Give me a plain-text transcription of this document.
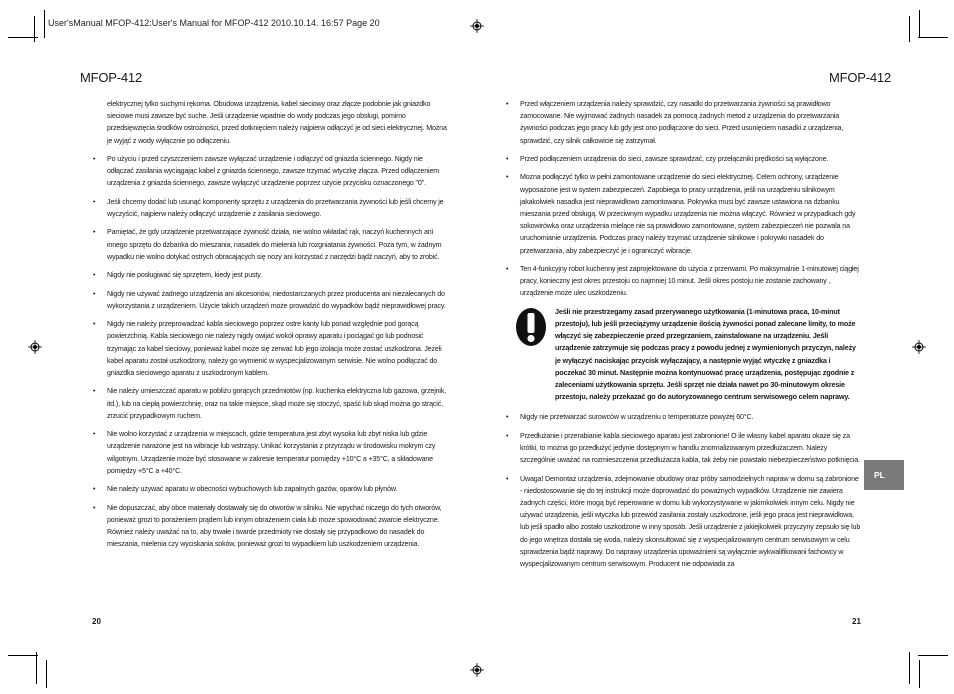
User'sManual MFOP-412:User's Manual for MFOP-412 2010.10.14. 16:57 Page 20
MFOP-412	MFOP-412

elektrycznej tylko suchymi rękoma. Obudowa urządzenia, kabel sieciowy oraz złącze podobnie jak gniazdko sieciowe musi zawsze być suche. Jeśli urządzenie wpadnie do wody podczas jego obsługi, pomimo przedsięwzięcia środków ostrożności, przed dotknięciem należy najpierw odłączyć je od sieci elektrycznej. Można je wyjąć z wody wyłącznie po odłączeniu.

• Po użyciu i przed czyszczeniem zawsze wyłączać urządzenie i odłączyć od gniazda ściennego. Nigdy nie odłączać zasilania wyciągając kabel z gniazda ściennego, zawsze trzymać wtyczkę złącza. Przed odłączeniem urządzenia z gniazda ściennego, zawsze wyłączyć urządzenie poprzez użycie przycisku oznaczonego "0".
• Jeśli chcemy dodać lub usunąć komponenty sprzętu z urządzenia do przetwarzania żywności lub jeśli chcemy je wyczyścić, najpierw należy odłączyć urządzenie z zasilania sieciowego.
• Pamiętać, że gdy urządzenie przetwarzające żywność działa, nie wolno wkładać rąk, naczyń kuchennych ani innego sprzętu do dzbanka do mieszania, nasadek do mielenia lub rozgniatania żywności. Poza tym, w żadnym wypadku nie wolno dotykać ostrych obracających się nozy ani korzystać z narzędzi bądź naczyń, aby to zrobić.
• Nigdy nie posługiwać się sprzętem, kiedy jest pusty.
• Nigdy nie używać żadnego urządzenia ani akcesoriów, niedostarczanych przez producenta ani niezalecanych do wykorzystania z urządzeniem. Użycie takich urządzeń może prowadzić do wypadków bądź nieprawidłowej pracy.
• Nigdy nie należy przeprowadzać kabla sieciowego poprzez ostre kanty lub ponad względnie pod gorącą powierzchnią. Kabla sieciowego nie należy nigdy owijać wokół oprawy aparatu i pociągać go lub podnosić trzymając za kabel sieciowy, ponieważ kabel może się zerwać lub jego izolacja może zostać uszkodzona. Jeżeli kabel aparatu został uszkodzony, należy go wymienić w wyspecjalizowanym serwisie. Nie wolno podłączać do gniazdka sieciowego aparatu z uszkodzonym kablem.
• Nie należy umieszczać aparatu w pobliżu gorących przedmiotów (np. kuchenka elektryczna lub gazowa, grzejnik, itd.), lub na ciepłą powierzchnię, oraz na takie miejsce, skąd może się stoczyć, spaść lub skąd można go strącić, zrzucić przypadkowym ruchem.
• Nie wolno korzystać z urządzenia w miejscach, gdzie temperatura jest zbyt wysoka lub zbyt niska lub gdzie urządzenie narażone jest na wibracje lub wstrząsy. Unikać korzystania z przyrządu w środowisku mokrym czy wilgotnym. Urządzenie może być stosowane w zakresie temperatur pomiędzy +10°C a +35°C, a składowane pomiędzy +5°C a +40°C.
• Nie należy używać aparatu w obecności wybuchowych lub zapalnych gazów, oparów lub płynów.
• Nie dopuszczać, aby obce materiały dostawały się do otworów w silniku. Nie wpychać niczego do tych otworów, ponieważ grozi to porażeniem prądem lub innym obrażeniem ciała lub może spowodować zwarcie elektryczne. Również należy uważać na to, aby trwałe i twarde przedmioty nie dostały się przypadkowo do nasadek do mieszania, mielenia czy wyciskania soków, ponieważ grozi to wypadkiem lub uszkodzeniem urządzenia.
• Przed włączeniem urządzenia należy sprawdzić, czy nasadki do przetwarzania żywności są prawidłowo zamocowane. Nie wyjmować żadnych nasadek za pomocą żadnych metod z urządzenia do przetwarzania żywności podczas jego pracy lub gdy jest ono podłączone do sieci. Przed usunięciem nasadki z urządzenia, sprawdzić, czy silnik całkowicie się zatrzymał.
• Przed podłączeniem urządzenia do sieci, zawsze sprawdzać, czy przełączniki prędkości są wyłączone.
• Mozna podłączyć tylko w pełni zamontowane urządzenie do sieci elektrycznej. Celem ochrony, urządzenie wyposażone jest w system zabezpieczeń. Zapobiega to pracy urządzenia, jeśli na urządzeniu silnikowym jakakolwiek nasadka jest nieprawidłowo zamontowana. Pokrywka musi być zawsze ustawiona na dzbanku mieszania przed obsługą. W przeciwnym wypadku urządzenia nie można włączyć. Również w przypadkach gdy sokowirówka oraz urządzenia mielące nie są prawidłowo zamontowane, system zabezpieczeń nie pozwala na uruchomianie urządzenia. Podczas pracy należy trzymać urządzenie silnikowe i pokrywki nasadek do przetwarzania, aby zabezpieczyć je i ograniczyć wibracje.
• Ten 4-funkcyjny robot kuchenny jest zaprojektowane do użycia z przerwami. Po maksymalnie 1-minutowej ciągłej pracy, konieczny jest okres przestoju co najmniej 10 minut. Jeśli okres postoju nie zostanie zachowany , urządzenie może ulec uszkodzeniu.
Jeśli nie przestrzegamy zasad przerywanego użytkowania (1-minutowa praca, 10-minut przestoju), lub jeśli przeciążymy urządzenie ilością żywności ponad zalecane limity, to może włączyć się zabezpieczenie przed przegrzaniem, zainstalowane na urządzeniu. Jeśli urządzenie zatrzymuje się podczas pracy z powodu jednej z wymienionych przyczyn, należy je wyłączyć naciskając przycisk wyłączający, a następnie wyjąć wtyczkę z gniazdka i poczekać 30 minut. Następnie można kontynuować pracę urządzenia, postępując zgodnie z zaleceniami użytkowania sprzętu. Jeśli sprzęt nie działa nawet po 30-minutowym okresie przestoju, należy przekazać go do autoryzowanego centrum serwisowego celem naprawy.
• Nigdy nie przetwarzać surowców w urządzeniu o temperaturze powyżej 60°C.
• Przedłużanie i przerabianie kabla sieciowego aparatu jest zabronione! O ile własny kabel aparatu okaże się za krótki, to można go przedłużyć jedynie dostępnym w handlu znormalizowanym przedłużaczem. Należy szczególnie uważać na rozmieszczenia przedłużacza kabla, tak żeby nie powstało niebezpieczeństwo potknięcia.
• Uwaga! Demontaż urządzenia, zdejmowanie obudowy oraz próby samodzielnych napraw w domu są zabronione - niedostosowanie się do tej instrukcji może doprowadzić do poważnych wypadków. Urządzenie nie zawiera żadnych części, które mogą być reperowane w domu lub wykorzystywane w jakimkolwiek innym celu. Nigdy nie używać urządzenia, jeśli wtyczka lub przewód zasilania zostały uszkodzone, jeśli jego praca jest nieprawidłowa, lub jeśli spadło albo zostało uszkodzone w inny sposób. Jeśli urządzenie z jakiejkolwiek przyczyny zepsuło się lub do jego wnętrza dostała się woda, należy skonsultować się z wyspecjalizowanym centrum serwisowym w celu sprawdzenia bądź naprawy. Do naprawy urządzenia upoważnieni są wyłącznie wykwalifikowani fachowcy w wyspecjalizowanym centrum serwisowym. Producent nie odpowiada za
PL
20	21
